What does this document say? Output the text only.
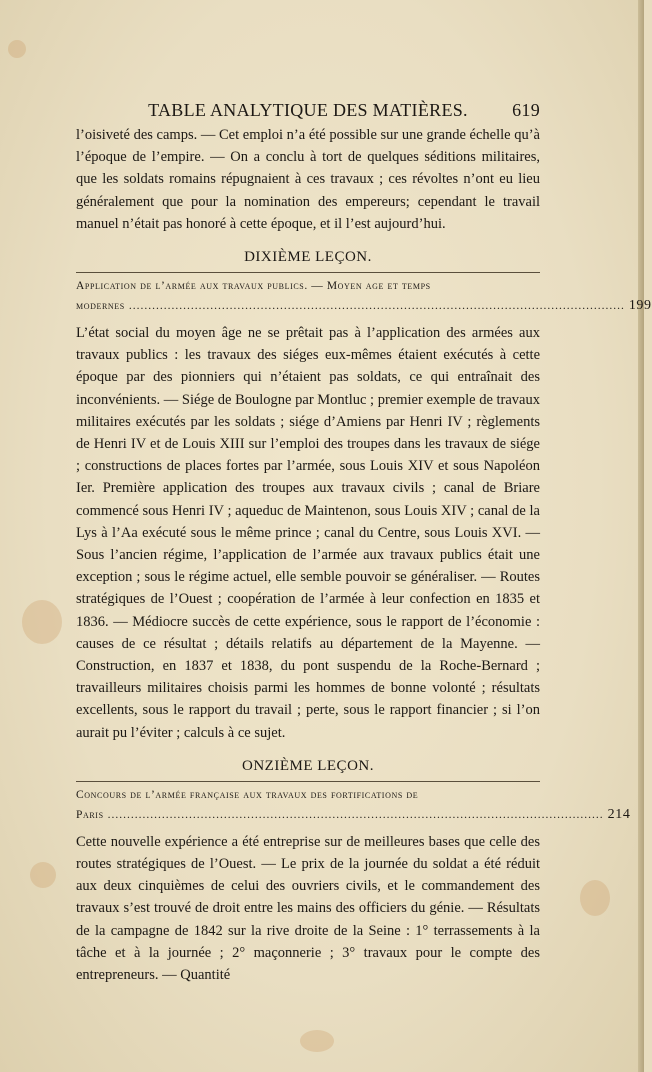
TABLE ANALYTIQUE DES MATIÈRES.	619

l’oisiveté des camps. — Cet emploi n’a été possible sur une grande échelle qu’à l’époque de l’empire. — On a conclu à tort de quelques séditions militaires, que les soldats romains répugnaient à ces travaux ; ces révoltes n’ont eu lieu généralement que pour la nomination des empereurs; cependant le travail manuel n’était pas honoré à cette époque, et il l’est aujourd’hui.

DIXIÈME LEÇON.
Application de l’armée aux travaux publics. — Moyen age et temps
modernes ................................................................................................................................ 199

L’état social du moyen âge ne se prêtait pas à l’application des armées aux travaux publics : les travaux des siéges eux-mêmes étaient exécutés à cette époque par des pionniers qui n’étaient pas soldats, ce qui entraînait des inconvénients. — Siége de Boulogne par Montluc ; premier exemple de travaux militaires exécutés par les soldats ; siége d’Amiens par Henri IV ; règlements de Henri IV et de Louis XIII sur l’emploi des troupes dans les travaux de siége ; constructions de places fortes par l’armée, sous Louis XIV et sous Napoléon Ier. Première application des troupes aux travaux civils ; canal de Briare commencé sous Henri IV ; aqueduc de Maintenon, sous Louis XIV ; canal de la Lys à l’Aa exécuté sous le même prince ; canal du Centre, sous Louis XVI. — Sous l’ancien régime, l’application de l’armée aux travaux publics était une exception ; sous le régime actuel, elle semble pouvoir se généraliser. — Routes stratégiques de l’Ouest ; coopération de l’armée à leur confection en 1835 et 1836. — Médiocre succès de cette expérience, sous le rapport de l’économie : causes de ce résultat ; détails relatifs au département de la Mayenne. — Construction, en 1837 et 1838, du pont suspendu de la Roche-Bernard ; travailleurs militaires choisis parmi les hommes de bonne volonté ; résultats excellents, sous le rapport du travail ; perte, sous le rapport financier ; si l’on aurait pu l’éviter ; calculs à ce sujet.

ONZIÈME LEÇON.
Concours de l’armée française aux travaux des fortifications de
Paris ................................................................................................................................ 214

Cette nouvelle expérience a été entreprise sur de meilleures bases que celle des routes stratégiques de l’Ouest. — Le prix de la journée du soldat a été réduit aux deux cinquièmes de celui des ouvriers civils, et le commandement des travaux s’est trouvé de droit entre les mains des officiers du génie. — Résultats de la campagne de 1842 sur la rive droite de la Seine : 1° terrassements à la tâche et à la journée ; 2° maçonnerie ; 3° travaux pour le compte des entrepreneurs. — Quantité
